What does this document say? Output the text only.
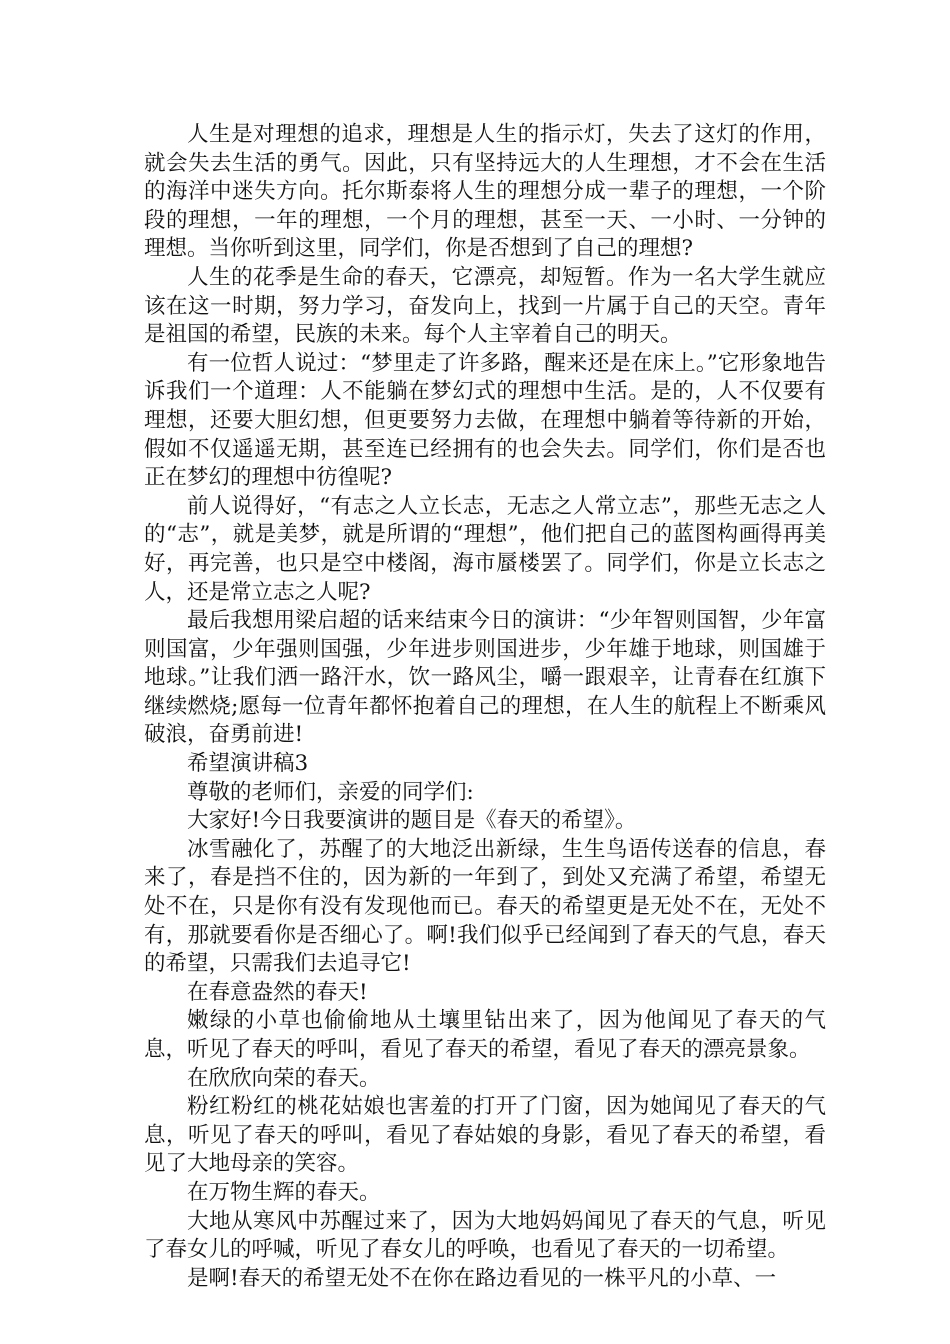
人生是对理想的追求，理想是人生的指示灯，失去了这灯的作用，就会失去生活的勇气。因此，只有坚持远大的人生理想，才不会在生活的海洋中迷失方向。托尔斯泰将人生的理想分成一辈子的理想，一个阶段的理想，一年的理想，一个月的理想，甚至一天、一小时、一分钟的理想。当你听到这里，同学们，你是否想到了自己的理想?

人生的花季是生命的春天，它漂亮，却短暂。作为一名大学生就应该在这一时期，努力学习，奋发向上，找到一片属于自己的天空。青年是祖国的希望，民族的未来。每个人主宰着自己的明天。

有一位哲人说过：“梦里走了许多路，醒来还是在床上。”它形象地告诉我们一个道理：人不能躺在梦幻式的理想中生活。是的，人不仅要有理想，还要大胆幻想，但更要努力去做，在理想中躺着等待新的开始，假如不仅遥遥无期，甚至连已经拥有的也会失去。同学们，你们是否也正在梦幻的理想中彷徨呢?

前人说得好，“有志之人立长志，无志之人常立志”，那些无志之人的“志”，就是美梦，就是所谓的“理想”，他们把自己的蓝图构画得再美好，再完善，也只是空中楼阁，海市蜃楼罢了。同学们，你是立长志之人，还是常立志之人呢?

最后我想用梁启超的话来结束今日的演讲：“少年智则国智，少年富则国富，少年强则国强，少年进步则国进步，少年雄于地球，则国雄于地球。”让我们洒一路汗水，饮一路风尘，嚼一跟艰辛，让青春在红旗下继续燃烧;愿每一位青年都怀抱着自己的理想，在人生的航程上不断乘风破浪，奋勇前进!

希望演讲稿3

尊敬的老师们，亲爱的同学们:

大家好!今日我要演讲的题目是《春天的希望》。

冰雪融化了，苏醒了的大地泛出新绿，生生鸟语传送春的信息，春来了，春是挡不住的，因为新的一年到了，到处又充满了希望，希望无处不在，只是你有没有发现他而已。春天的希望更是无处不在，无处不有，那就要看你是否细心了。啊!我们似乎已经闻到了春天的气息，春天的希望，只需我们去追寻它!

在春意盎然的春天!

嫩绿的小草也偷偷地从土壤里钻出来了，因为他闻见了春天的气息，听见了春天的呼叫，看见了春天的希望，看见了春天的漂亮景象。

在欣欣向荣的春天。

粉红粉红的桃花姑娘也害羞的打开了门窗，因为她闻见了春天的气息，听见了春天的呼叫，看见了春姑娘的身影，看见了春天的希望，看见了大地母亲的笑容。

在万物生辉的春天。

大地从寒风中苏醒过来了，因为大地妈妈闻见了春天的气息，听见了春女儿的呼喊，听见了春女儿的呼唤，也看见了春天的一切希望。

是啊!春天的希望无处不在你在路边看见的一株平凡的小草、一
